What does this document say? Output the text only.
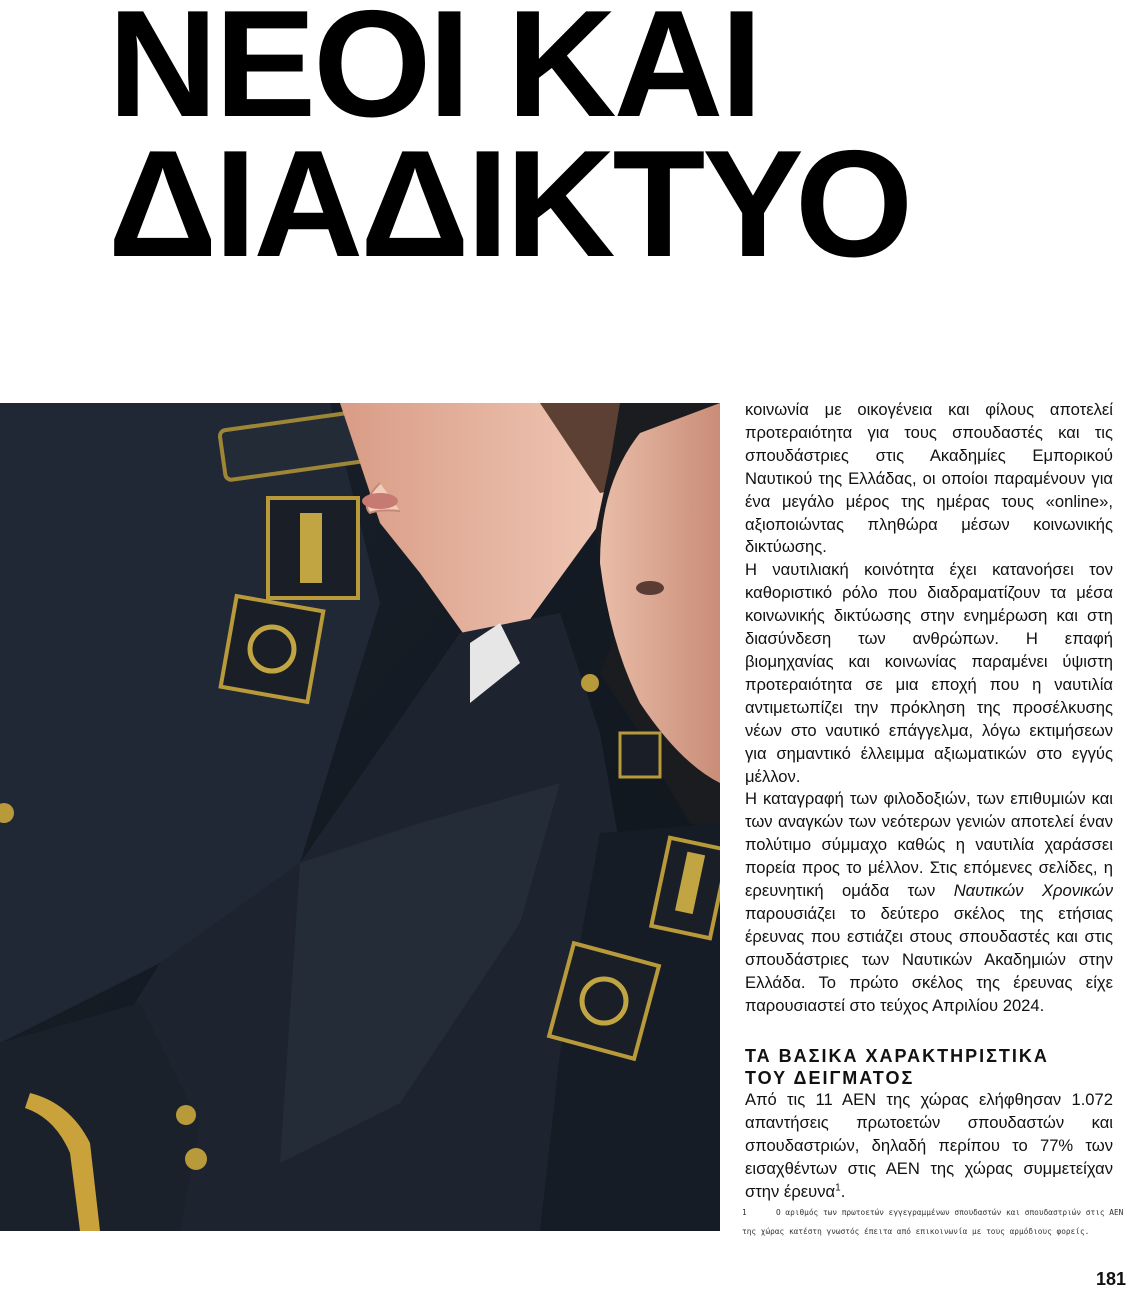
ΝΕΟΙ ΚΑΙ
ΔΙΑΔΙΚΤΥΟ

κοινωνία με οικογένεια και φίλους αποτελεί προτεραιότητα για τους σπουδαστές και τις σπουδάστριες στις Ακαδημίες Εμπορικού Ναυτικού της Ελλάδας, οι οποίοι παραμένουν για ένα μεγάλο μέρος της ημέρας τους «online», αξιοποιώντας πληθώρα μέσων κοινωνικής δικτύωσης.

Η ναυτιλιακή κοινότητα έχει κατανοήσει τον καθοριστικό ρόλο που διαδραματίζουν τα μέσα κοινωνικής δικτύωσης στην ενημέρωση και στη διασύνδεση των ανθρώπων. Η επαφή βιομηχανίας και κοινωνίας παραμένει ύψιστη προτεραιότητα σε μια εποχή που η ναυτιλία αντιμετωπίζει την πρόκληση της προσέλκυσης νέων στο ναυτικό επάγγελμα, λόγω εκτιμήσεων για σημαντικό έλλειμμα αξιωματικών στο εγγύς μέλλον.

Η καταγραφή των φιλοδοξιών, των επιθυμιών και των αναγκών των νεότερων γενιών αποτελεί έναν πολύτιμο σύμμαχο καθώς η ναυτιλία χαράσσει πορεία προς το μέλλον. Στις επόμενες σελίδες, η ερευνητική ομάδα των Ναυτικών Χρονικών παρουσιάζει το δεύτερο σκέλος της ετήσιας έρευνας που εστιάζει στους σπουδαστές και στις σπουδάστριες των Ναυτικών Ακαδημιών στην Ελλάδα. Το πρώτο σκέλος της έρευνας είχε παρουσιαστεί στο τεύχος Απριλίου 2024.

ΤΑ ΒΑΣΙΚΑ ΧΑΡΑΚΤΗΡΙΣΤΙΚΑ
ΤΟΥ ΔΕΙΓΜΑΤΟΣ

Από τις 11 ΑΕΝ της χώρας ελήφθησαν 1.072 απαντήσεις πρωτοετών σπουδαστών και σπουδαστριών, δηλαδή περίπου το 77% των εισαχθέντων στις ΑΕΝ της χώρας συμμετείχαν στην έρευνα$^1$.

1	Ο αριθμός των πρωτοετών εγγεγραμμένων σπουδαστών και σπουδαστριών στις ΑΕΝ της χώρας κατέστη γνωστός έπειτα από επικοινωνία με τους αρμόδιους φορείς.
181
